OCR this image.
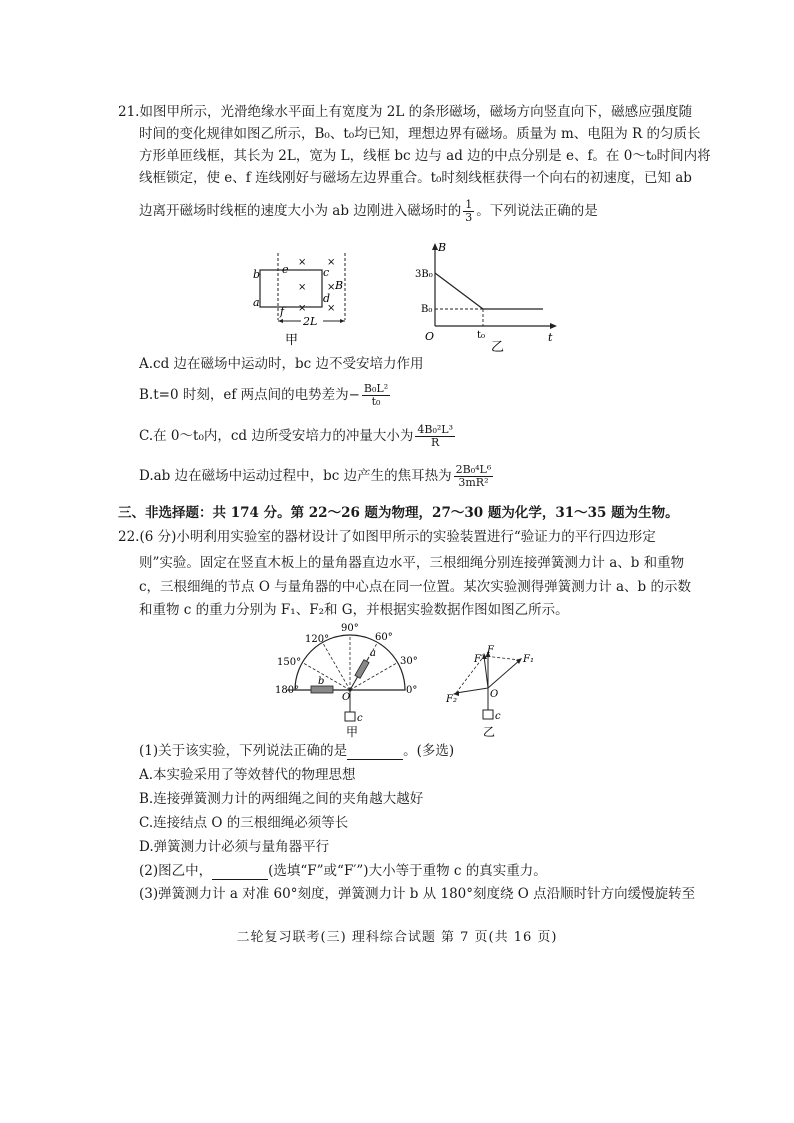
21.如图甲所示，光滑绝缘水平面上有宽度为 2L 的条形磁场，磁场方向竖直向下，磁感应强度随
时间的变化规律如图乙所示，B₀、t₀均已知，理想边界有磁场。质量为 m、电阻为 R 的匀质长
方形单匝线框，其长为 2L，宽为 L，线框 bc 边与 ad 边的中点分别是 e、f。在 0～t₀时间内将
线框锁定，使 e、f 连线刚好与磁场左边界重合。t₀时刻线框获得一个向右的初速度，已知 ab
边离开磁场时线框的速度大小为 ab 边刚进入磁场时的 $\frac{1}{3}$ 。下列说法正确的是
b
a
e
f
c
d
B
× ×
× ×
× ×
2L
甲
B
t
O
3B₀
B₀
t₀
乙
A.cd 边在磁场中运动时，bc 边不受安培力作用
B.t=0 时刻，ef 两点间的电势差为− $\frac{\text{B₀L²}}{\text{t₀}}$
C.在 0～t₀内，cd 边所受安培力的冲量大小为 $\frac{\text{4B₀²L³}}{R}$
D.ab 边在磁场中运动过程中，bc 边产生的焦耳热为 $\frac{\text{2B₀⁴L⁶}}{\text{3mR²}}$
三、非选择题：共 174 分。第 22～26 题为物理，27～30 题为化学，31～35 题为生物。
22.(6 分)小明利用实验室的器材设计了如图甲所示的实验装置进行“验证力的平行四边形定
则”实验。固定在竖直木板上的量角器直边水平，三根细绳分别连接弹簧测力计 a、b 和重物
c，三根细绳的节点 O 与量角器的中心点在同一位置。某次实验测得弹簧测力计 a、b 的示数
和重物 c 的重力分别为 F₁、F₂和 G，并根据实验数据作图如图乙所示。
90°
120°	60°
150°	30°
180°	0°
a
b
O
c
甲
F
F′	F₁
F₂	O
c
乙
(1)关于该实验，下列说法正确的是	。(多选)
A.本实验采用了等效替代的物理思想
B.连接弹簧测力计的两细绳之间的夹角越大越好
C.连接结点 O 的三根细绳必须等长
D.弹簧测力计必须与量角器平行
(2)图乙中，	(选填“F”或“F′”)大小等于重物 c 的真实重力。
(3)弹簧测力计 a 对准 60°刻度，弹簧测力计 b 从 180°刻度绕 O 点沿顺时针方向缓慢旋转至
二轮复习联考(三) 理科综合试题 第 7 页(共 16 页)
